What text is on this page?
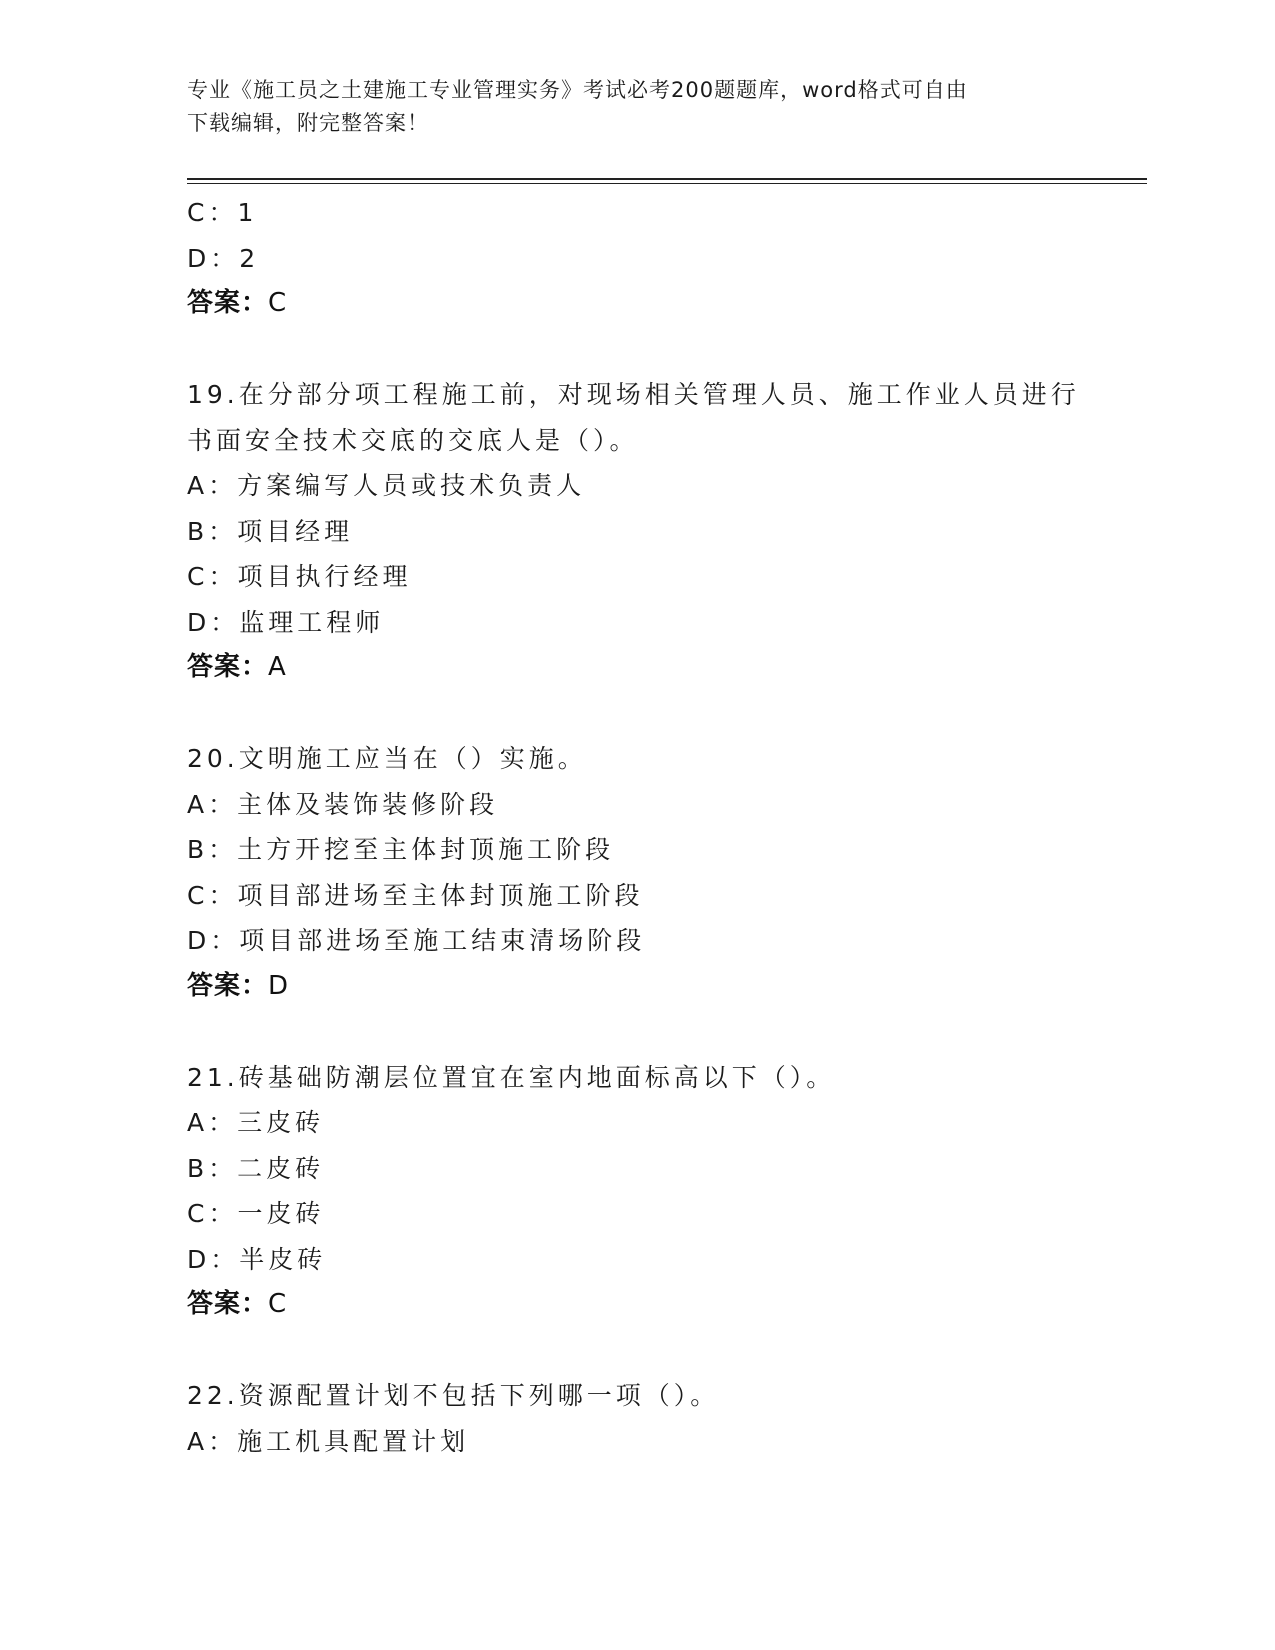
专业《施工员之土建施工专业管理实务》考试必考200题题库，word格式可自由
下载编辑，附完整答案！
C：1
D：2
答案：C
19.在分部分项工程施工前，对现场相关管理人员、施工作业人员进行
书面安全技术交底的交底人是（）。
A：方案编写人员或技术负责人
B：项目经理
C：项目执行经理
D：监理工程师
答案：A
20.文明施工应当在（）实施。
A：主体及装饰装修阶段
B：土方开挖至主体封顶施工阶段
C：项目部进场至主体封顶施工阶段
D：项目部进场至施工结束清场阶段
答案：D
21.砖基础防潮层位置宜在室内地面标高以下（）。
A：三皮砖
B：二皮砖
C：一皮砖
D：半皮砖
答案：C
22.资源配置计划不包括下列哪一项（）。
A：施工机具配置计划
